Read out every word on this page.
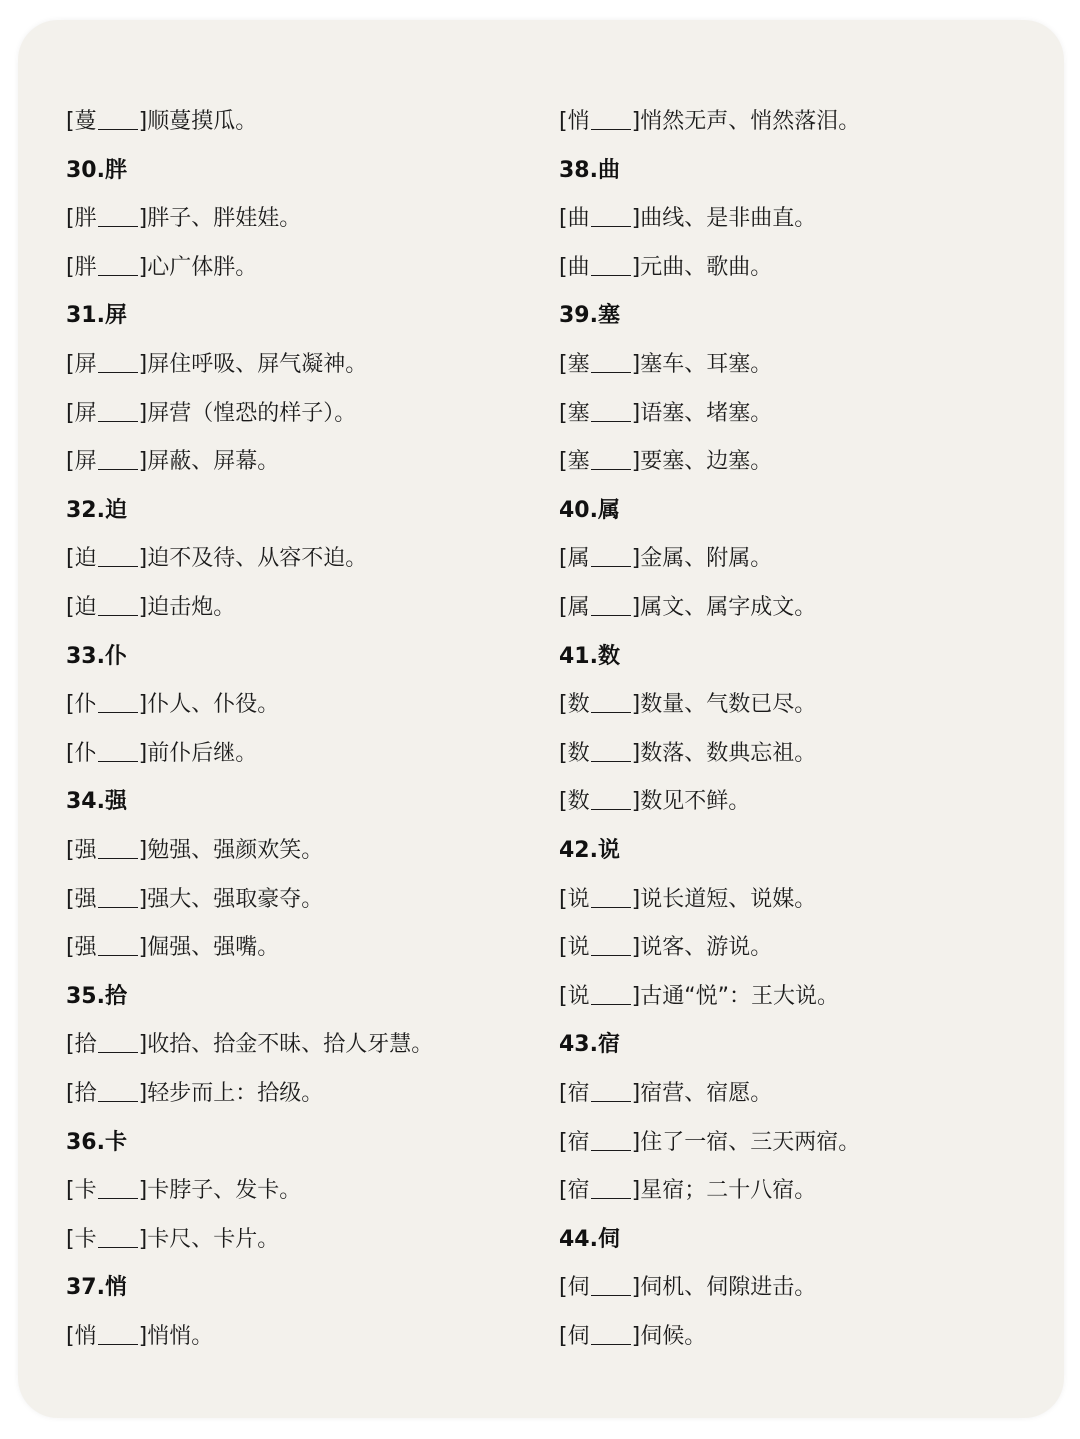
[蔓 ]顺蔓摸瓜。
30.胖
[胖 ]胖子、胖娃娃。
[胖 ]心广体胖。
31.屏
[屏 ]屏住呼吸、屏气凝神。
[屏 ]屏营（惶恐的样子）。
[屏 ]屏蔽、屏幕。
32.迫
[迫 ]迫不及待、从容不迫。
[迫 ]迫击炮。
33.仆
[仆 ]仆人、仆役。
[仆 ]前仆后继。
34.强
[强 ]勉强、强颜欢笑。
[强 ]强大、强取豪夺。
[强 ]倔强、强嘴。
35.拾
[拾 ]收拾、拾金不昧、拾人牙慧。
[拾 ]轻步而上：拾级。
36.卡
[卡 ]卡脖子、发卡。
[卡 ]卡尺、卡片。
37.悄
[悄 ]悄悄。
[悄 ]悄然无声、悄然落泪。
38.曲
[曲 ]曲线、是非曲直。
[曲 ]元曲、歌曲。
39.塞
[塞 ]塞车、耳塞。
[塞 ]语塞、堵塞。
[塞 ]要塞、边塞。
40.属
[属 ]金属、附属。
[属 ]属文、属字成文。
41.数
[数 ]数量、气数已尽。
[数 ]数落、数典忘祖。
[数 ]数见不鲜。
42.说
[说 ]说长道短、说媒。
[说 ]说客、游说。
[说 ]古通“悦”：王大说。
43.宿
[宿 ]宿营、宿愿。
[宿 ]住了一宿、三天两宿。
[宿 ]星宿；二十八宿。
44.伺
[伺 ]伺机、伺隙进击。
[伺 ]伺候。
